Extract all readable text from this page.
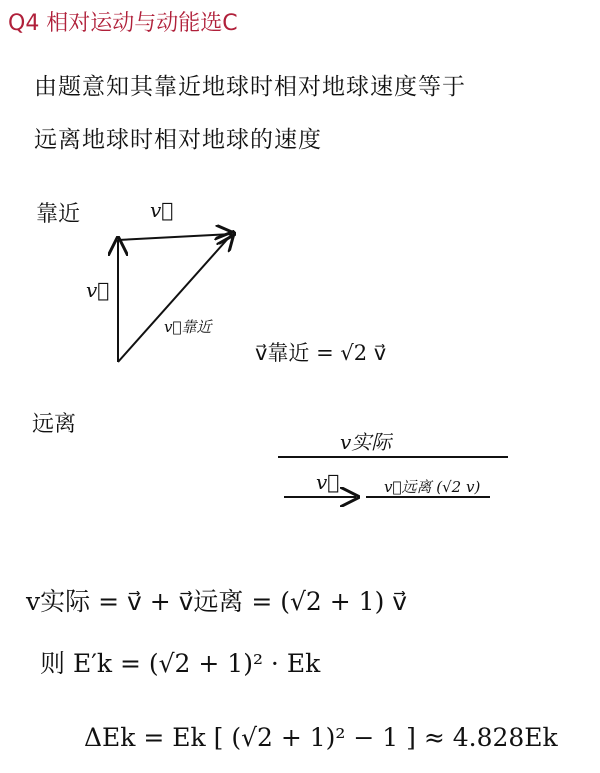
Q4 相对运动与动能选C
由题意知其靠近地球时相对地球速度等于
远离地球时相对地球的速度
靠近	v⃗
v⃗
v⃗靠近
v⃗靠近 = √2 v⃗
远离
v实际
v⃗	v⃗远离 (√2 v)
v实际 = v⃗ + v⃗远离 = (√2 + 1) v⃗
则 E′k = (√2 + 1)² · Ek
ΔEk = Ek [ (√2 + 1)² − 1 ] ≈ 4.828Ek
